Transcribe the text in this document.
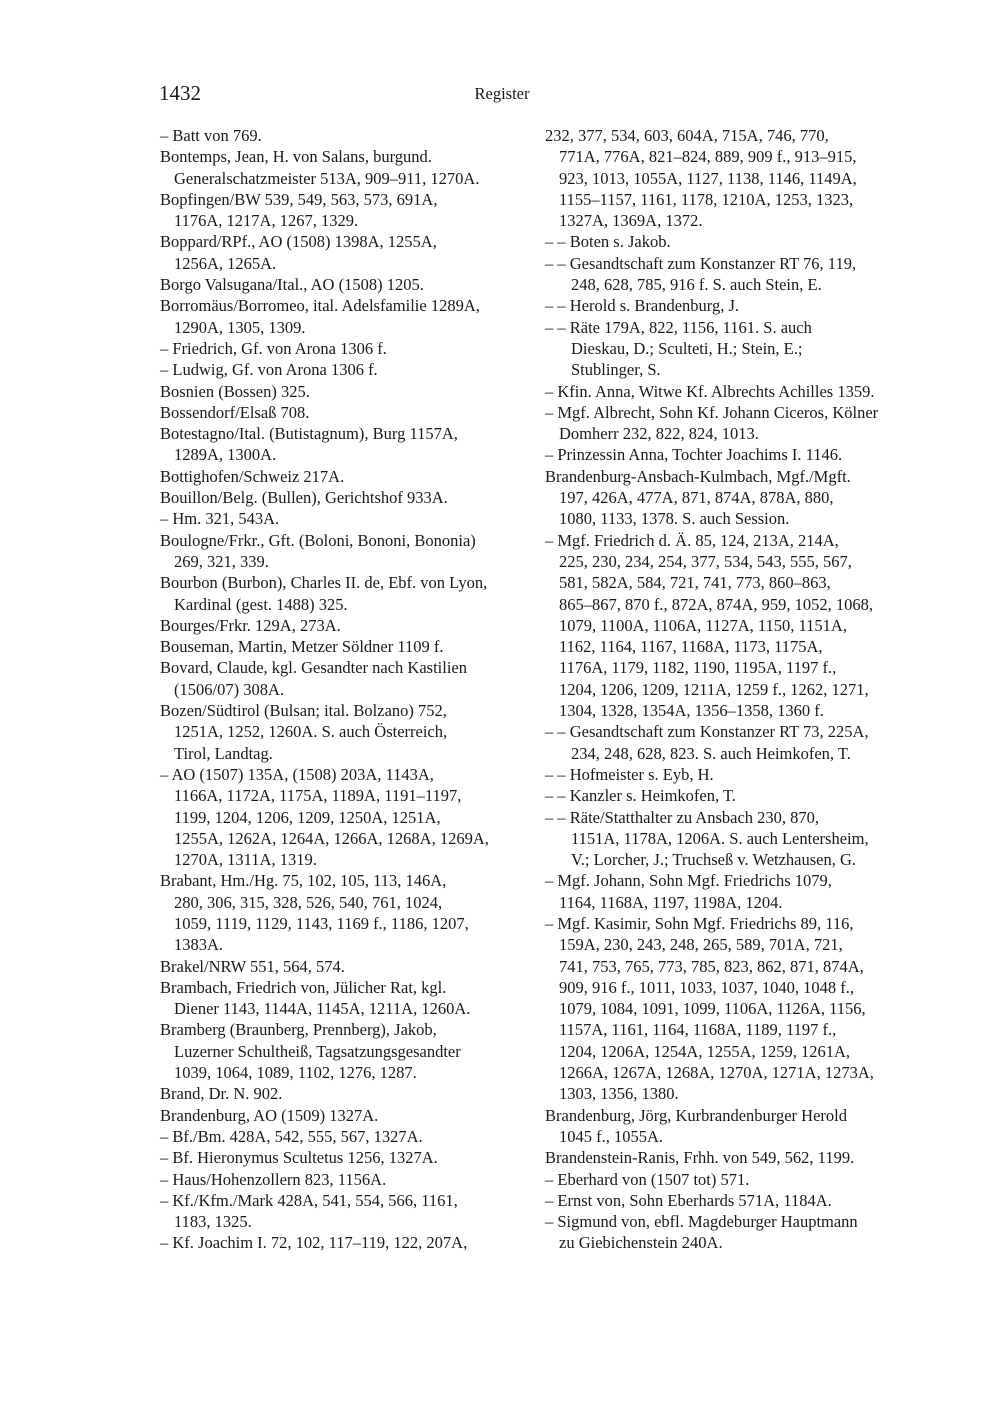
1432	Register
– Batt von 769.
Bontemps, Jean, H. von Salans, burgund.
Generalschatzmeister 513A, 909–911, 1270A.
Bopfingen/BW 539, 549, 563, 573, 691A,
1176A, 1217A, 1267, 1329.
Boppard/RPf., AO (1508) 1398A, 1255A,
1256A, 1265A.
Borgo Valsugana/Ital., AO (1508) 1205.
Borromäus/Borromeo, ital. Adelsfamilie 1289A,
1290A, 1305, 1309.
– Friedrich, Gf. von Arona 1306 f.
– Ludwig, Gf. von Arona 1306 f.
Bosnien (Bossen) 325.
Bossendorf/Elsaß 708.
Botestagno/Ital. (Butistagnum), Burg 1157A,
1289A, 1300A.
Bottighofen/Schweiz 217A.
Bouillon/Belg. (Bullen), Gerichtshof 933A.
– Hm. 321, 543A.
Boulogne/Frkr., Gft. (Boloni, Bononi, Bononia)
269, 321, 339.
Bourbon (Burbon), Charles II. de, Ebf. von Lyon,
Kardinal (gest. 1488) 325.
Bourges/Frkr. 129A, 273A.
Bouseman, Martin, Metzer Söldner 1109 f.
Bovard, Claude, kgl. Gesandter nach Kastilien
(1506/07) 308A.
Bozen/Südtirol (Bulsan; ital. Bolzano) 752,
1251A, 1252, 1260A. S. auch Österreich,
Tirol, Landtag.
– AO (1507) 135A, (1508) 203A, 1143A,
1166A, 1172A, 1175A, 1189A, 1191–1197,
1199, 1204, 1206, 1209, 1250A, 1251A,
1255A, 1262A, 1264A, 1266A, 1268A, 1269A,
1270A, 1311A, 1319.
Brabant, Hm./Hg. 75, 102, 105, 113, 146A,
280, 306, 315, 328, 526, 540, 761, 1024,
1059, 1119, 1129, 1143, 1169 f., 1186, 1207,
1383A.
Brakel/NRW 551, 564, 574.
Brambach, Friedrich von, Jülicher Rat, kgl.
Diener 1143, 1144A, 1145A, 1211A, 1260A.
Bramberg (Braunberg, Prennberg), Jakob,
Luzerner Schultheiß, Tagsatzungsgesandter
1039, 1064, 1089, 1102, 1276, 1287.
Brand, Dr. N. 902.
Brandenburg, AO (1509) 1327A.
– Bf./Bm. 428A, 542, 555, 567, 1327A.
– Bf. Hieronymus Scultetus 1256, 1327A.
– Haus/Hohenzollern 823, 1156A.
– Kf./Kfm./Mark 428A, 541, 554, 566, 1161,
1183, 1325.
– Kf. Joachim I. 72, 102, 117–119, 122, 207A,
232, 377, 534, 603, 604A, 715A, 746, 770,
771A, 776A, 821–824, 889, 909 f., 913–915,
923, 1013, 1055A, 1127, 1138, 1146, 1149A,
1155–1157, 1161, 1178, 1210A, 1253, 1323,
1327A, 1369A, 1372.
– – Boten s. Jakob.
– – Gesandtschaft zum Konstanzer RT 76, 119,
248, 628, 785, 916 f. S. auch Stein, E.
– – Herold s. Brandenburg, J.
– – Räte 179A, 822, 1156, 1161. S. auch
Dieskau, D.; Sculteti, H.; Stein, E.;
Stublinger, S.
– Kfin. Anna, Witwe Kf. Albrechts Achilles 1359.
– Mgf. Albrecht, Sohn Kf. Johann Ciceros, Kölner
Domherr 232, 822, 824, 1013.
– Prinzessin Anna, Tochter Joachims I. 1146.
Brandenburg-Ansbach-Kulmbach, Mgf./Mgft.
197, 426A, 477A, 871, 874A, 878A, 880,
1080, 1133, 1378. S. auch Session.
– Mgf. Friedrich d. Ä. 85, 124, 213A, 214A,
225, 230, 234, 254, 377, 534, 543, 555, 567,
581, 582A, 584, 721, 741, 773, 860–863,
865–867, 870 f., 872A, 874A, 959, 1052, 1068,
1079, 1100A, 1106A, 1127A, 1150, 1151A,
1162, 1164, 1167, 1168A, 1173, 1175A,
1176A, 1179, 1182, 1190, 1195A, 1197 f.,
1204, 1206, 1209, 1211A, 1259 f., 1262, 1271,
1304, 1328, 1354A, 1356–1358, 1360 f.
– – Gesandtschaft zum Konstanzer RT 73, 225A,
234, 248, 628, 823. S. auch Heimkofen, T.
– – Hofmeister s. Eyb, H.
– – Kanzler s. Heimkofen, T.
– – Räte/Statthalter zu Ansbach 230, 870,
1151A, 1178A, 1206A. S. auch Lentersheim,
V.; Lorcher, J.; Truchseß v. Wetzhausen, G.
– Mgf. Johann, Sohn Mgf. Friedrichs 1079,
1164, 1168A, 1197, 1198A, 1204.
– Mgf. Kasimir, Sohn Mgf. Friedrichs 89, 116,
159A, 230, 243, 248, 265, 589, 701A, 721,
741, 753, 765, 773, 785, 823, 862, 871, 874A,
909, 916 f., 1011, 1033, 1037, 1040, 1048 f.,
1079, 1084, 1091, 1099, 1106A, 1126A, 1156,
1157A, 1161, 1164, 1168A, 1189, 1197 f.,
1204, 1206A, 1254A, 1255A, 1259, 1261A,
1266A, 1267A, 1268A, 1270A, 1271A, 1273A,
1303, 1356, 1380.
Brandenburg, Jörg, Kurbrandenburger Herold
1045 f., 1055A.
Brandenstein-Ranis, Frhh. von 549, 562, 1199.
– Eberhard von (1507 tot) 571.
– Ernst von, Sohn Eberhards 571A, 1184A.
– Sigmund von, ebfl. Magdeburger Hauptmann
zu Giebichenstein 240A.
